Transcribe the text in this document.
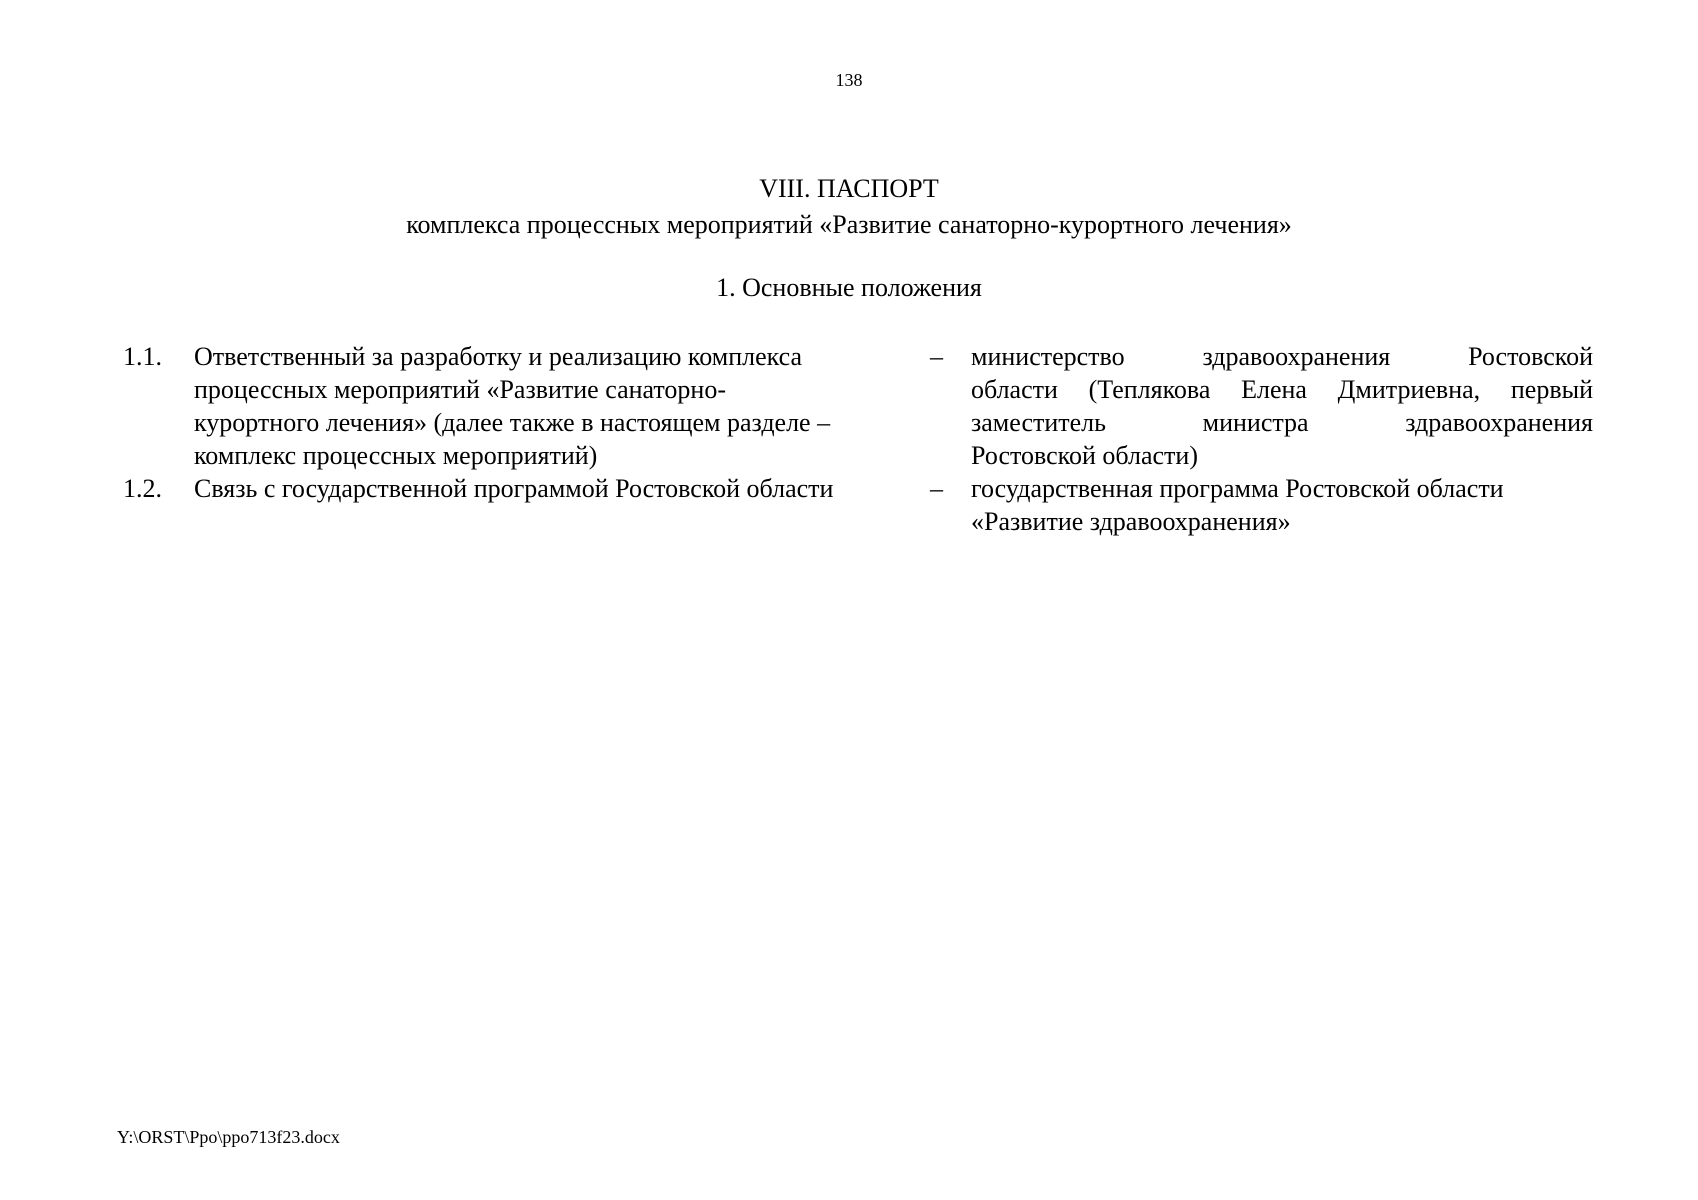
138
VIII. ПАСПОРТ
комплекса процессных мероприятий «Развитие санаторно-курортного лечения»
1. Основные положения
1.1. Ответственный за разработку и реализацию комплекса
процессных мероприятий «Развитие санаторно-
курортного лечения» (далее также в настоящем разделе –
комплекс процессных мероприятий)
– министерство здравоохранения Ростовской
области (Теплякова Елена Дмитриевна, первый
заместитель министра здравоохранения
Ростовской области)
1.2. Связь с государственной программой Ростовской области	– государственная программа Ростовской области
«Развитие здравоохранения»
Y:\ORST\Ppo\ppo713f23.docx
